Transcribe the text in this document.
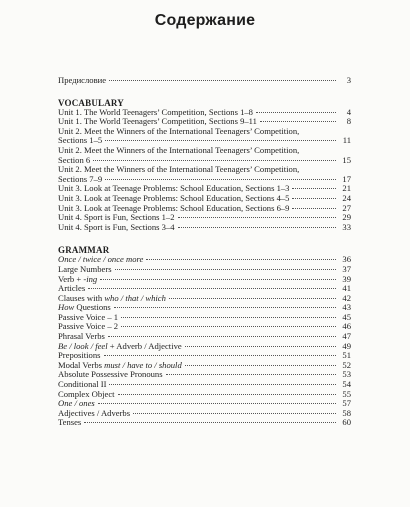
Содержание
Предисловие	3
VOCABULARY
Unit 1. The World Teenagers’ Competition, Sections 1–8	4
Unit 1. The World Teenagers’ Competition, Sections 9–11	8
Unit 2. Meet the Winners of the International Teenagers’ Competition,
Sections 1–5	11
Unit 2. Meet the Winners of the International Teenagers’ Competition,
Section 6	15
Unit 2. Meet the Winners of the International Teenagers’ Competition,
Sections 7–9	17
Unit 3. Look at Teenage Problems: School Education, Sections 1–3	21
Unit 3. Look at Teenage Problems: School Education, Sections 4–5	24
Unit 3. Look at Teenage Problems: School Education, Sections 6–9	27
Unit 4. Sport is Fun, Sections 1–2	29
Unit 4. Sport is Fun, Sections 3–4	33
GRAMMAR
Once / twice / once more	36
Large Numbers	37
Verb + -ing	39
Articles	41
Clauses with who / that / which	42
How Questions	43
Passive Voice – 1	45
Passive Voice – 2	46
Phrasal Verbs	47
Be / look / feel + Adverb / Adjective	49
Prepositions	51
Modal Verbs must / have to / should	52
Absolute Possessive Pronouns	53
Conditional II	54
Complex Object	55
One / ones	57
Adjectives / Adverbs	58
Tenses	60
